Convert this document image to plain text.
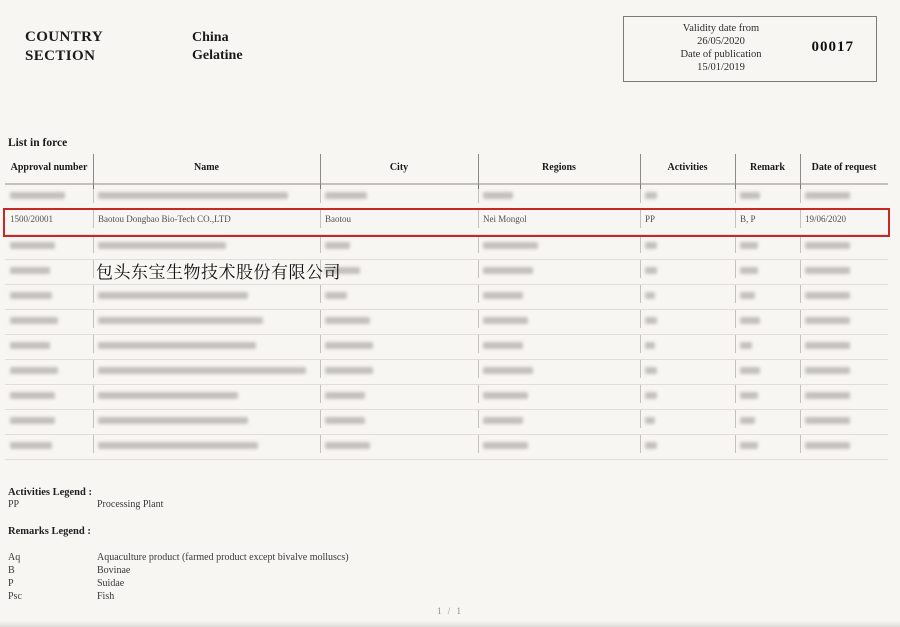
COUNTRY
SECTION
China
Gelatine
Validity date from
26/05/2020
Date of publication
15/01/2019
00017
List in force
Approval number	Name	City	Regions	Activities	Remark	Date of request
1500/20001	Baotou Dongbao Bio-Tech CO.,LTD	Baotou	Nei Mongol	PP	B, P	19/06/2020
包头东宝生物技术股份有限公司
Activities Legend :
PP	Processing Plant
Remarks Legend :
Aq	Aquaculture product (farmed product except bivalve molluscs)
B	Bovinae
P	Suidae
Psc	Fish
1 / 1
